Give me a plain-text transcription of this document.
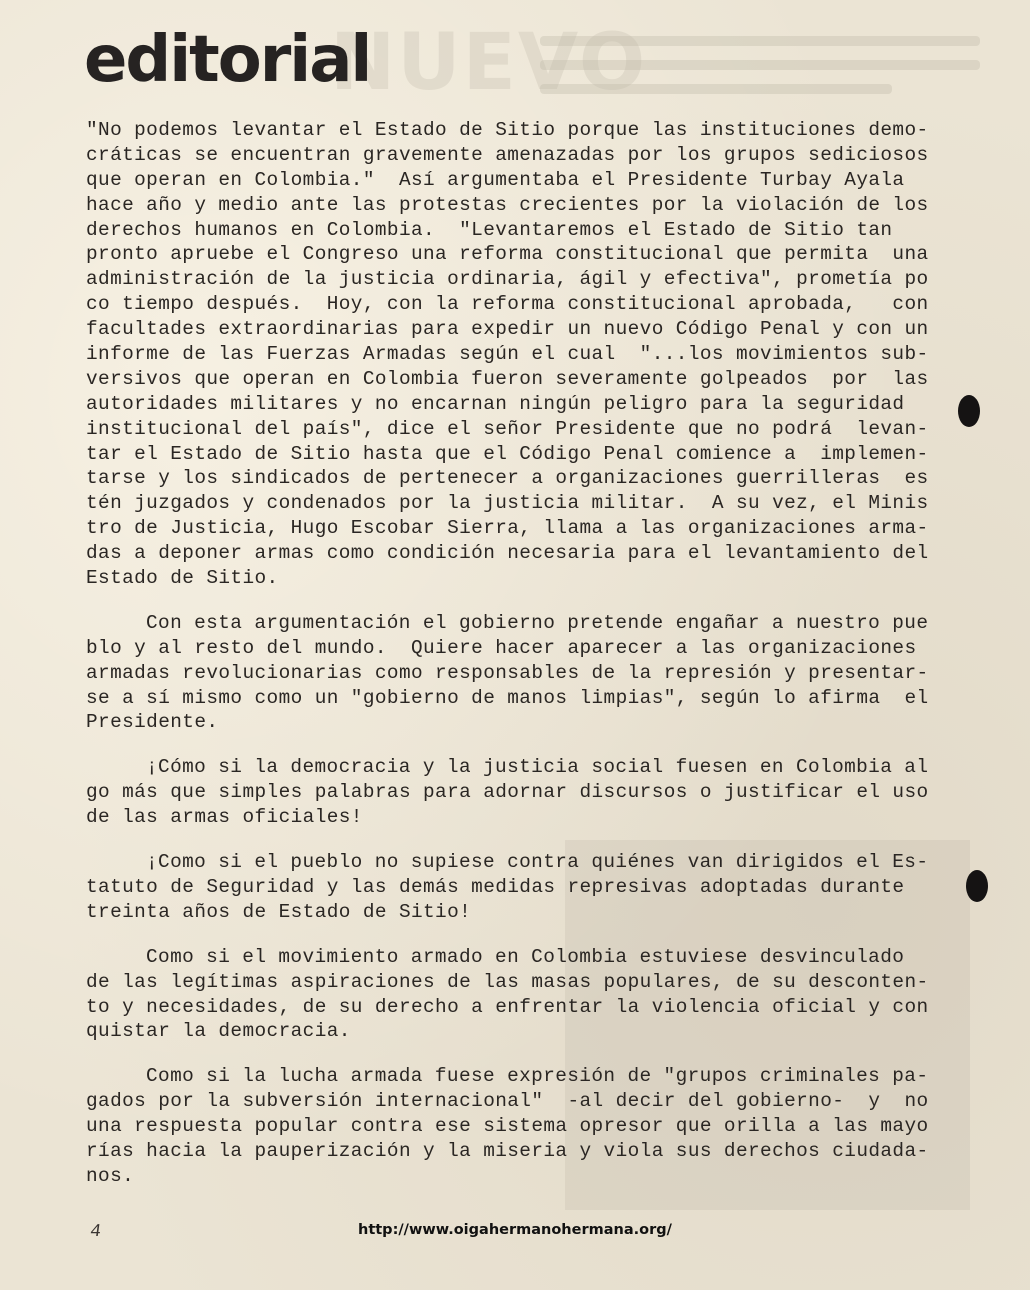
NUEVO
editorial
"No podemos levantar el Estado de Sitio porque las instituciones demo-
cráticas se encuentran gravemente amenazadas por los grupos sediciosos
que operan en Colombia."  Así argumentaba el Presidente Turbay Ayala
hace año y medio ante las protestas crecientes por la violación de los
derechos humanos en Colombia.  "Levantaremos el Estado de Sitio tan
pronto apruebe el Congreso una reforma constitucional que permita  una
administración de la justicia ordinaria, ágil y efectiva", prometía po
co tiempo después.  Hoy, con la reforma constitucional aprobada,   con
facultades extraordinarias para expedir un nuevo Código Penal y con un
informe de las Fuerzas Armadas según el cual  "...los movimientos sub-
versivos que operan en Colombia fueron severamente golpeados  por  las
autoridades militares y no encarnan ningún peligro para la seguridad
institucional del país", dice el señor Presidente que no podrá  levan-
tar el Estado de Sitio hasta que el Código Penal comience a  implemen-
tarse y los sindicados de pertenecer a organizaciones guerrilleras  es
tén juzgados y condenados por la justicia militar.  A su vez, el Minis
tro de Justicia, Hugo Escobar Sierra, llama a las organizaciones arma-
das a deponer armas como condición necesaria para el levantamiento del
Estado de Sitio.
Con esta argumentación el gobierno pretende engañar a nuestro pue
blo y al resto del mundo.  Quiere hacer aparecer a las organizaciones
armadas revolucionarias como responsables de la represión y presentar-
se a sí mismo como un "gobierno de manos limpias", según lo afirma  el
Presidente.
¡Cómo si la democracia y la justicia social fuesen en Colombia al
go más que simples palabras para adornar discursos o justificar el uso
de las armas oficiales!
¡Como si el pueblo no supiese contra quiénes van dirigidos el Es-
tatuto de Seguridad y las demás medidas represivas adoptadas durante
treinta años de Estado de Sitio!
Como si el movimiento armado en Colombia estuviese desvinculado
de las legítimas aspiraciones de las masas populares, de su desconten-
to y necesidades, de su derecho a enfrentar la violencia oficial y con
quistar la democracia.
Como si la lucha armada fuese expresión de "grupos criminales pa-
gados por la subversión internacional"  -al decir del gobierno-  y  no
una respuesta popular contra ese sistema opresor que orilla a las mayo
rías hacia la pauperización y la miseria y viola sus derechos ciudada-
nos.
4	http://www.oigahermanohermana.org/
